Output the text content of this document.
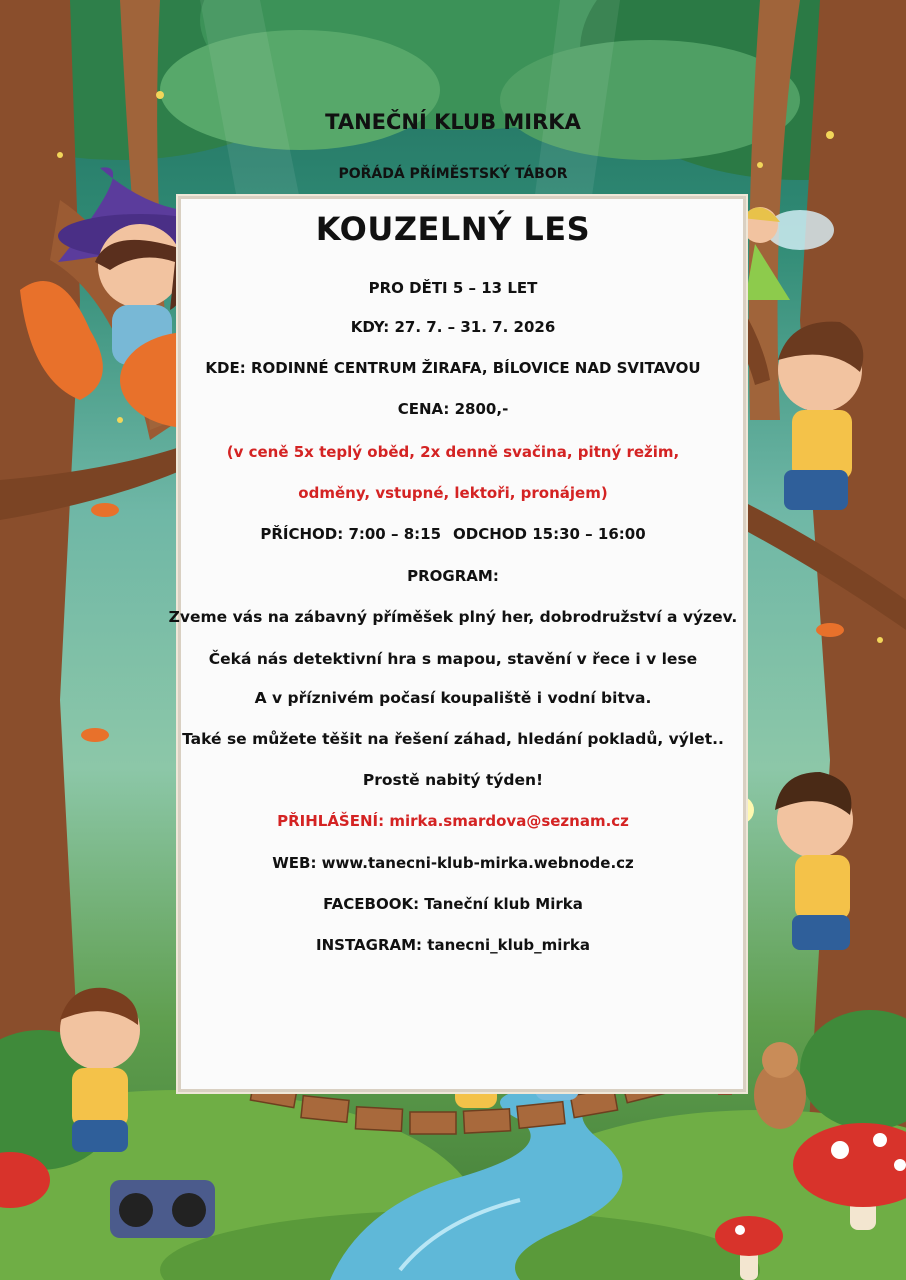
TANEČNÍ KLUB MIRKA
POŘÁDÁ PŘÍMĚSTSKÝ TÁBOR
KOUZELNÝ LES
PRO DĚTI 5 – 13 LET
KDY: 27. 7. – 31. 7. 2026
KDE: RODINNÉ CENTRUM ŽIRAFA, BÍLOVICE NAD SVITAVOU
CENA: 2800,-
(v ceně 5x teplý oběd, 2x denně svačina, pitný režim,
odměny, vstupné, lektoři, pronájem)
PŘÍCHOD: 7:00 – 8:15 ODCHOD 15:30 – 16:00
PROGRAM:
Zveme vás na zábavný příměšek plný her, dobrodružství a výzev.
Čeká nás detektivní hra s mapou, stavění v řece i v lese
A v příznivém počasí koupaliště i vodní bitva.
Také se můžete těšit na řešení záhad, hledání pokladů, výlet..
Prostě nabitý týden!
PŘIHLÁŠENÍ: mirka.smardova@seznam.cz
WEB: www.tanecni-klub-mirka.webnode.cz
FACEBOOK: Taneční klub Mirka
INSTAGRAM: tanecni_klub_mirka
